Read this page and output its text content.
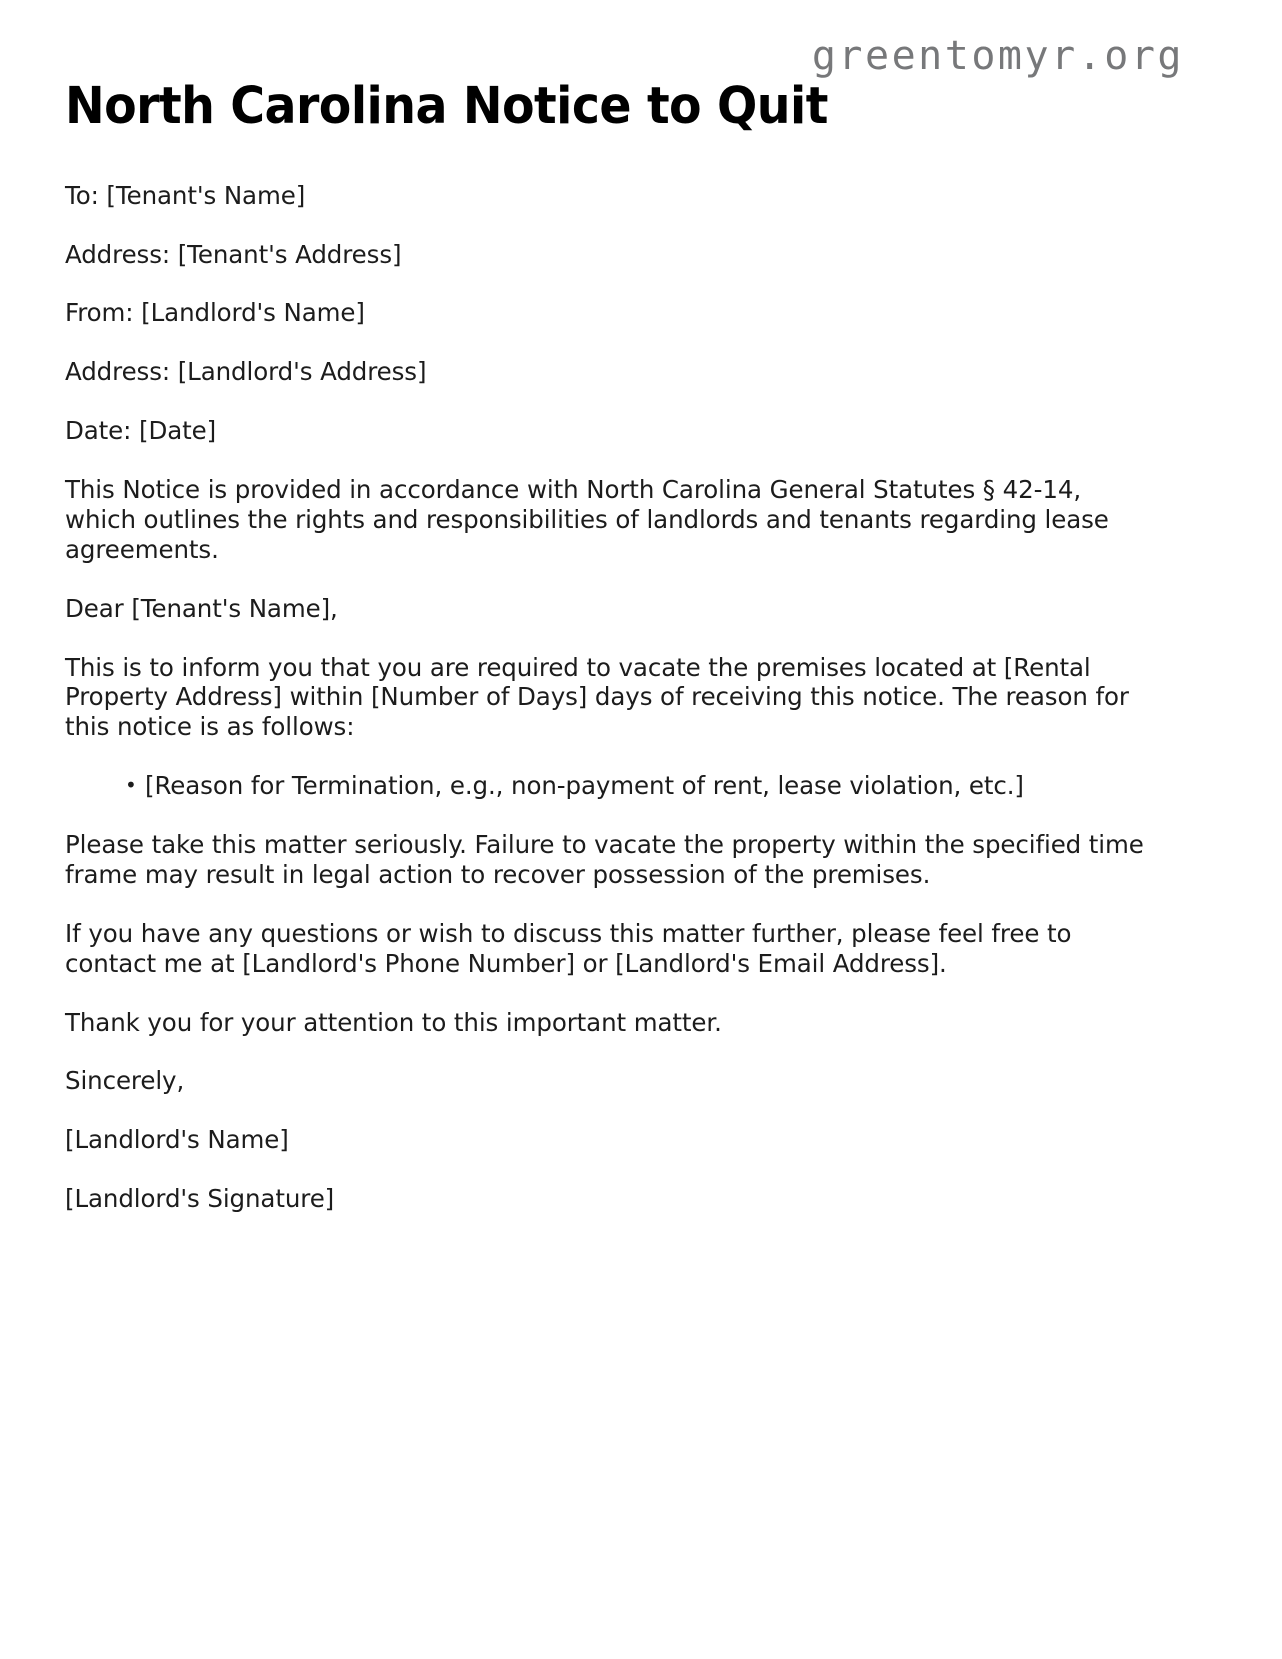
greentomyr.org
North Carolina Notice to Quit

To: [Tenant's Name]

Address: [Tenant's Address]

From: [Landlord's Name]

Address: [Landlord's Address]

Date: [Date]

This Notice is provided in accordance with North Carolina General Statutes § 42-14, which outlines the rights and responsibilities of landlords and tenants regarding lease agreements.

Dear [Tenant's Name],

This is to inform you that you are required to vacate the premises located at [Rental Property Address] within [Number of Days] days of receiving this notice. The reason for this notice is as follows:

• [Reason for Termination, e.g., non-payment of rent, lease violation, etc.]

Please take this matter seriously. Failure to vacate the property within the specified time frame may result in legal action to recover possession of the premises.

If you have any questions or wish to discuss this matter further, please feel free to contact me at [Landlord's Phone Number] or [Landlord's Email Address].

Thank you for your attention to this important matter.

Sincerely,

[Landlord's Name]

[Landlord's Signature]
